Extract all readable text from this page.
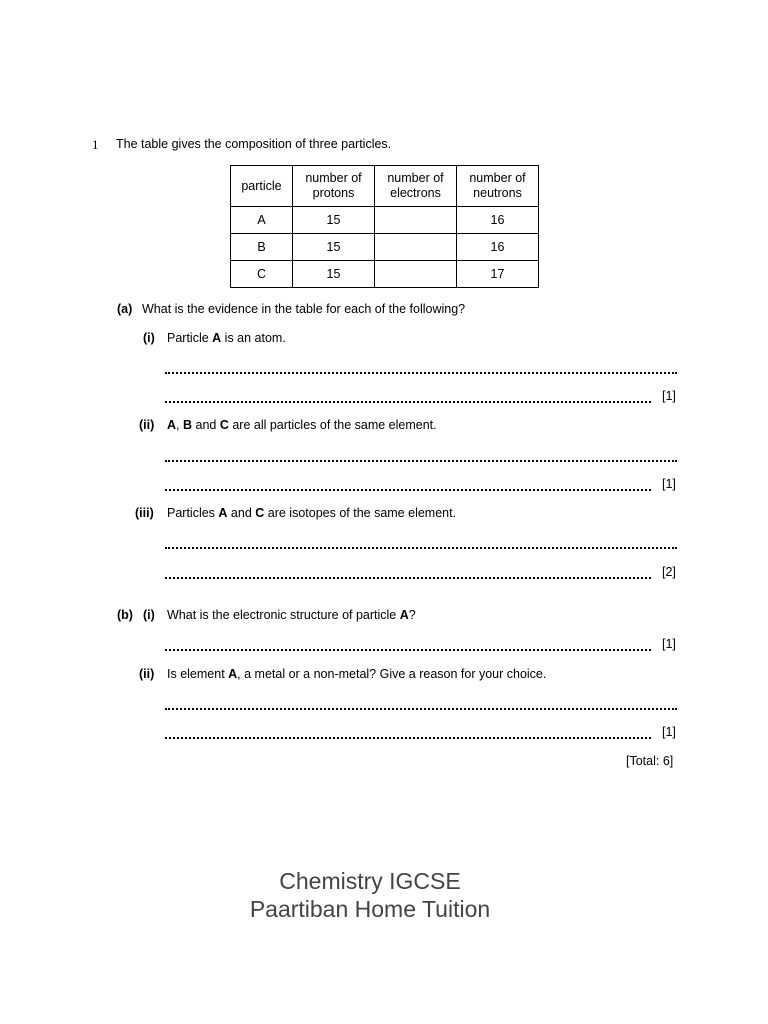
1 The table gives the composition of three particles.
particle	number of protons	number of electrons	number of neutrons
A	15		16
B	15		16
C	15		17
(a) What is the evidence in the table for each of the following?
(i) Particle A is an atom.
[1]
(ii) A, B and C are all particles of the same element.
[1]
(iii) Particles A and C are isotopes of the same element.
[2]
(b) (i) What is the electronic structure of particle A?
[1]
(ii) Is element A, a metal or a non-metal? Give a reason for your choice.
[1]
[Total: 6]
Chemistry IGCSE
Paartiban Home Tuition
